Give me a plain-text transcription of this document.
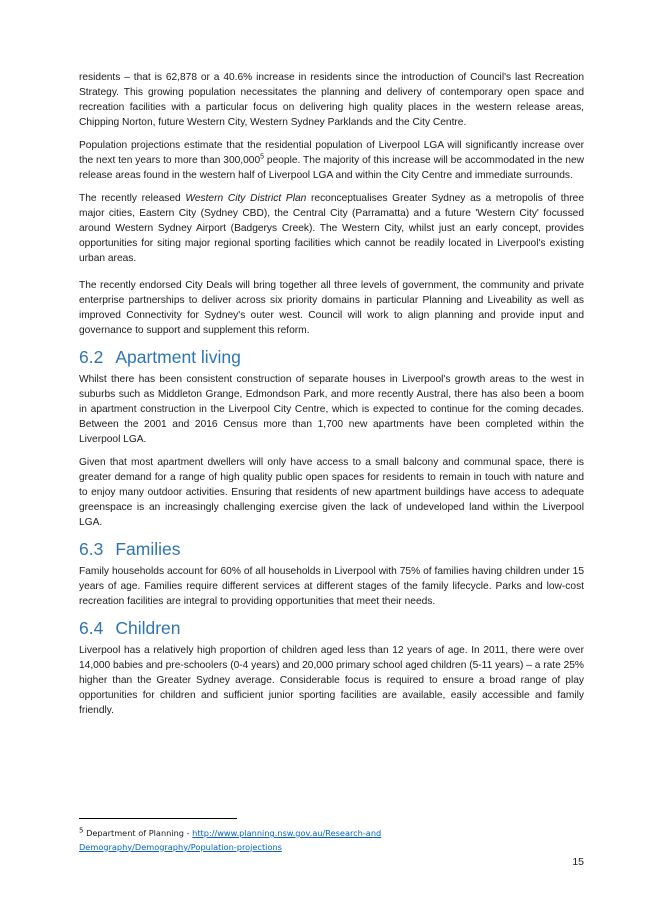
residents – that is 62,878 or a 40.6% increase in residents since the introduction of Council's last Recreation Strategy. This growing population necessitates the planning and delivery of contemporary open space and recreation facilities with a particular focus on delivering high quality places in the western release areas, Chipping Norton, future Western City, Western Sydney Parklands and the City Centre.

Population projections estimate that the residential population of Liverpool LGA will significantly increase over the next ten years to more than 300,000$^5$ people. The majority of this increase will be accommodated in the new release areas found in the western half of Liverpool LGA and within the City Centre and immediate surrounds.

The recently released Western City District Plan reconceptualises Greater Sydney as a metropolis of three major cities, Eastern City (Sydney CBD), the Central City (Parramatta) and a future 'Western City' focussed around Western Sydney Airport (Badgerys Creek). The Western City, whilst just an early concept, provides opportunities for siting major regional sporting facilities which cannot be readily located in Liverpool's existing urban areas.

The recently endorsed City Deals will bring together all three levels of government, the community and private enterprise partnerships to deliver across six priority domains in particular Planning and Liveability as well as improved Connectivity for Sydney's outer west. Council will work to align planning and provide input and governance to support and supplement this reform.

6.2 Apartment living

Whilst there has been consistent construction of separate houses in Liverpool's growth areas to the west in suburbs such as Middleton Grange, Edmondson Park, and more recently Austral, there has also been a boom in apartment construction in the Liverpool City Centre, which is expected to continue for the coming decades. Between the 2001 and 2016 Census more than 1,700 new apartments have been completed within the Liverpool LGA.

Given that most apartment dwellers will only have access to a small balcony and communal space, there is greater demand for a range of high quality public open spaces for residents to remain in touch with nature and to enjoy many outdoor activities. Ensuring that residents of new apartment buildings have access to adequate greenspace is an increasingly challenging exercise given the lack of undeveloped land within the Liverpool LGA.

6.3 Families

Family households account for 60% of all households in Liverpool with 75% of families having children under 15 years of age. Families require different services at different stages of the family lifecycle. Parks and low-cost recreation facilities are integral to providing opportunities that meet their needs.

6.4 Children

Liverpool has a relatively high proportion of children aged less than 12 years of age. In 2011, there were over 14,000 babies and pre-schoolers (0-4 years) and 20,000 primary school aged children (5-11 years) – a rate 25% higher than the Greater Sydney average. Considerable focus is required to ensure a broad range of play opportunities for children and sufficient junior sporting facilities are available, easily accessible and family friendly.

$^5$ Department of Planning - http://www.planning.nsw.gov.au/Research-and
Demography/Demography/Population-projections
15
